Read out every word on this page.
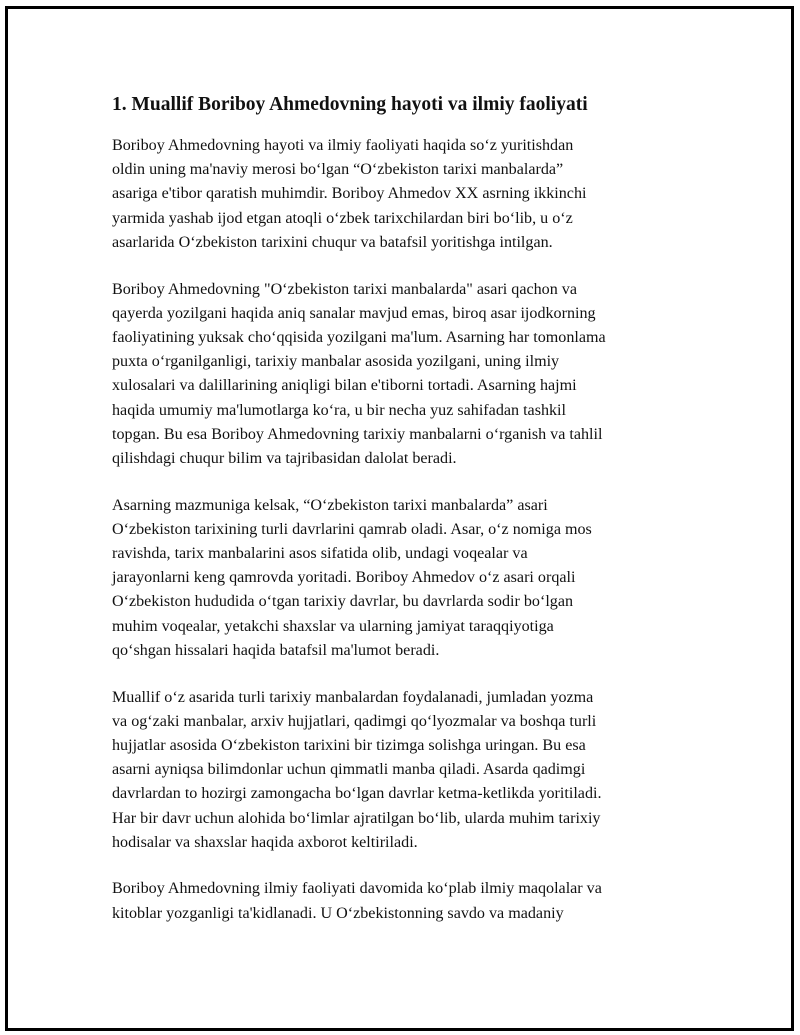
1. Muallif Boriboy Ahmedovning hayoti va ilmiy faoliyati
Boriboy Ahmedovning hayoti va ilmiy faoliyati haqida so‘z yuritishdan
oldin uning ma'naviy merosi bo‘lgan “O‘zbekiston tarixi manbalarda”
asariga e'tibor qaratish muhimdir. Boriboy Ahmedov XX asrning ikkinchi
yarmida yashab ijod etgan atoqli o‘zbek tarixchilardan biri bo‘lib, u o‘z
asarlarida O‘zbekiston tarixini chuqur va batafsil yoritishga intilgan.
Boriboy Ahmedovning "O‘zbekiston tarixi manbalarda" asari qachon va
qayerda yozilgani haqida aniq sanalar mavjud emas, biroq asar ijodkorning
faoliyatining yuksak cho‘qqisida yozilgani ma'lum. Asarning har tomonlama
puxta o‘rganilganligi, tarixiy manbalar asosida yozilgani, uning ilmiy
xulosalari va dalillarining aniqligi bilan e'tiborni tortadi. Asarning hajmi
haqida umumiy ma'lumotlarga ko‘ra, u bir necha yuz sahifadan tashkil
topgan. Bu esa Boriboy Ahmedovning tarixiy manbalarni o‘rganish va tahlil
qilishdagi chuqur bilim va tajribasidan dalolat beradi.
Asarning mazmuniga kelsak, “O‘zbekiston tarixi manbalarda” asari
O‘zbekiston tarixining turli davrlarini qamrab oladi. Asar, o‘z nomiga mos
ravishda, tarix manbalarini asos sifatida olib, undagi voqealar va
jarayonlarni keng qamrovda yoritadi. Boriboy Ahmedov o‘z asari orqali
O‘zbekiston hududida o‘tgan tarixiy davrlar, bu davrlarda sodir bo‘lgan
muhim voqealar, yetakchi shaxslar va ularning jamiyat taraqqiyotiga
qo‘shgan hissalari haqida batafsil ma'lumot beradi.
Muallif o‘z asarida turli tarixiy manbalardan foydalanadi, jumladan yozma
va og‘zaki manbalar, arxiv hujjatlari, qadimgi qo‘lyozmalar va boshqa turli
hujjatlar asosida O‘zbekiston tarixini bir tizimga solishga uringan. Bu esa
asarni ayniqsa bilimdonlar uchun qimmatli manba qiladi. Asarda qadimgi
davrlardan to hozirgi zamongacha bo‘lgan davrlar ketma-ketlikda yoritiladi.
Har bir davr uchun alohida bo‘limlar ajratilgan bo‘lib, ularda muhim tarixiy
hodisalar va shaxslar haqida axborot keltiriladi.
Boriboy Ahmedovning ilmiy faoliyati davomida ko‘plab ilmiy maqolalar va
kitoblar yozganligi ta'kidlanadi. U O‘zbekistonning savdo va madaniy
